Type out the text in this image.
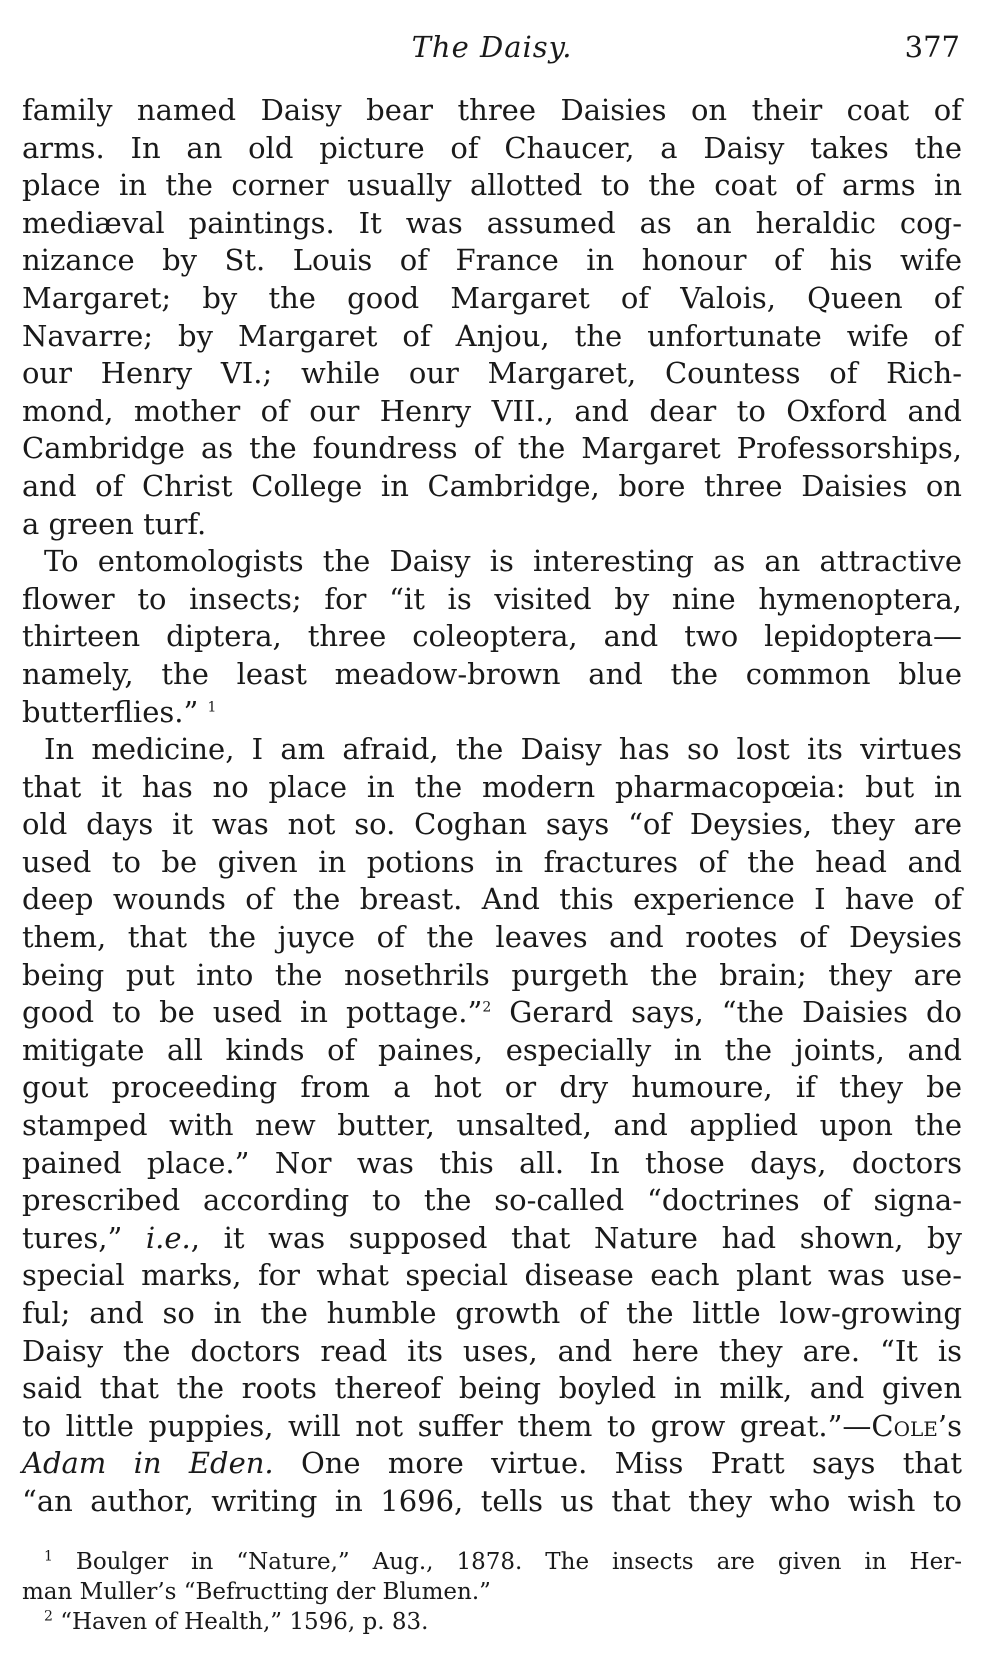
The Daisy.	377
family named Daisy bear three Daisies on their coat of
arms. In an old picture of Chaucer, a Daisy takes the
place in the corner usually allotted to the coat of arms in
mediæval paintings. It was assumed as an heraldic cog-
nizance by St. Louis of France in honour of his wife
Margaret; by the good Margaret of Valois, Queen of
Navarre; by Margaret of Anjou, the unfortunate wife of
our Henry VI.; while our Margaret, Countess of Rich-
mond, mother of our Henry VII., and dear to Oxford and
Cambridge as the foundress of the Margaret Professorships,
and of Christ College in Cambridge, bore three Daisies on
a green turf.
To entomologists the Daisy is interesting as an attractive
flower to insects; for “it is visited by nine hymenoptera,
thirteen diptera, three coleoptera, and two lepidoptera—
namely, the least meadow-brown and the common blue
butterflies.” $^1$
In medicine, I am afraid, the Daisy has so lost its virtues
that it has no place in the modern pharmacopœia: but in
old days it was not so. Coghan says “of Deysies, they are
used to be given in potions in fractures of the head and
deep wounds of the breast. And this experience I have of
them, that the juyce of the leaves and rootes of Deysies
being put into the nosethrils purgeth the brain; they are
good to be used in pottage.”$^2$ Gerard says, “the Daisies do
mitigate all kinds of paines, especially in the joints, and
gout proceeding from a hot or dry humoure, if they be
stamped with new butter, unsalted, and applied upon the
pained place.” Nor was this all. In those days, doctors
prescribed according to the so-called “doctrines of signa-
tures,” i.e., it was supposed that Nature had shown, by
special marks, for what special disease each plant was use-
ful; and so in the humble growth of the little low-growing
Daisy the doctors read its uses, and here they are. “It is
said that the roots thereof being boyled in milk, and given
to little puppies, will not suffer them to grow great.”—Cole’s
Adam in Eden. One more virtue. Miss Pratt says that
“an author, writing in 1696, tells us that they who wish to
$^1$ Boulger in “Nature,” Aug., 1878. The insects are given in Her-
man Muller’s “Befructting der Blumen.”
$^2$ “Haven of Health,” 1596, p. 83.
